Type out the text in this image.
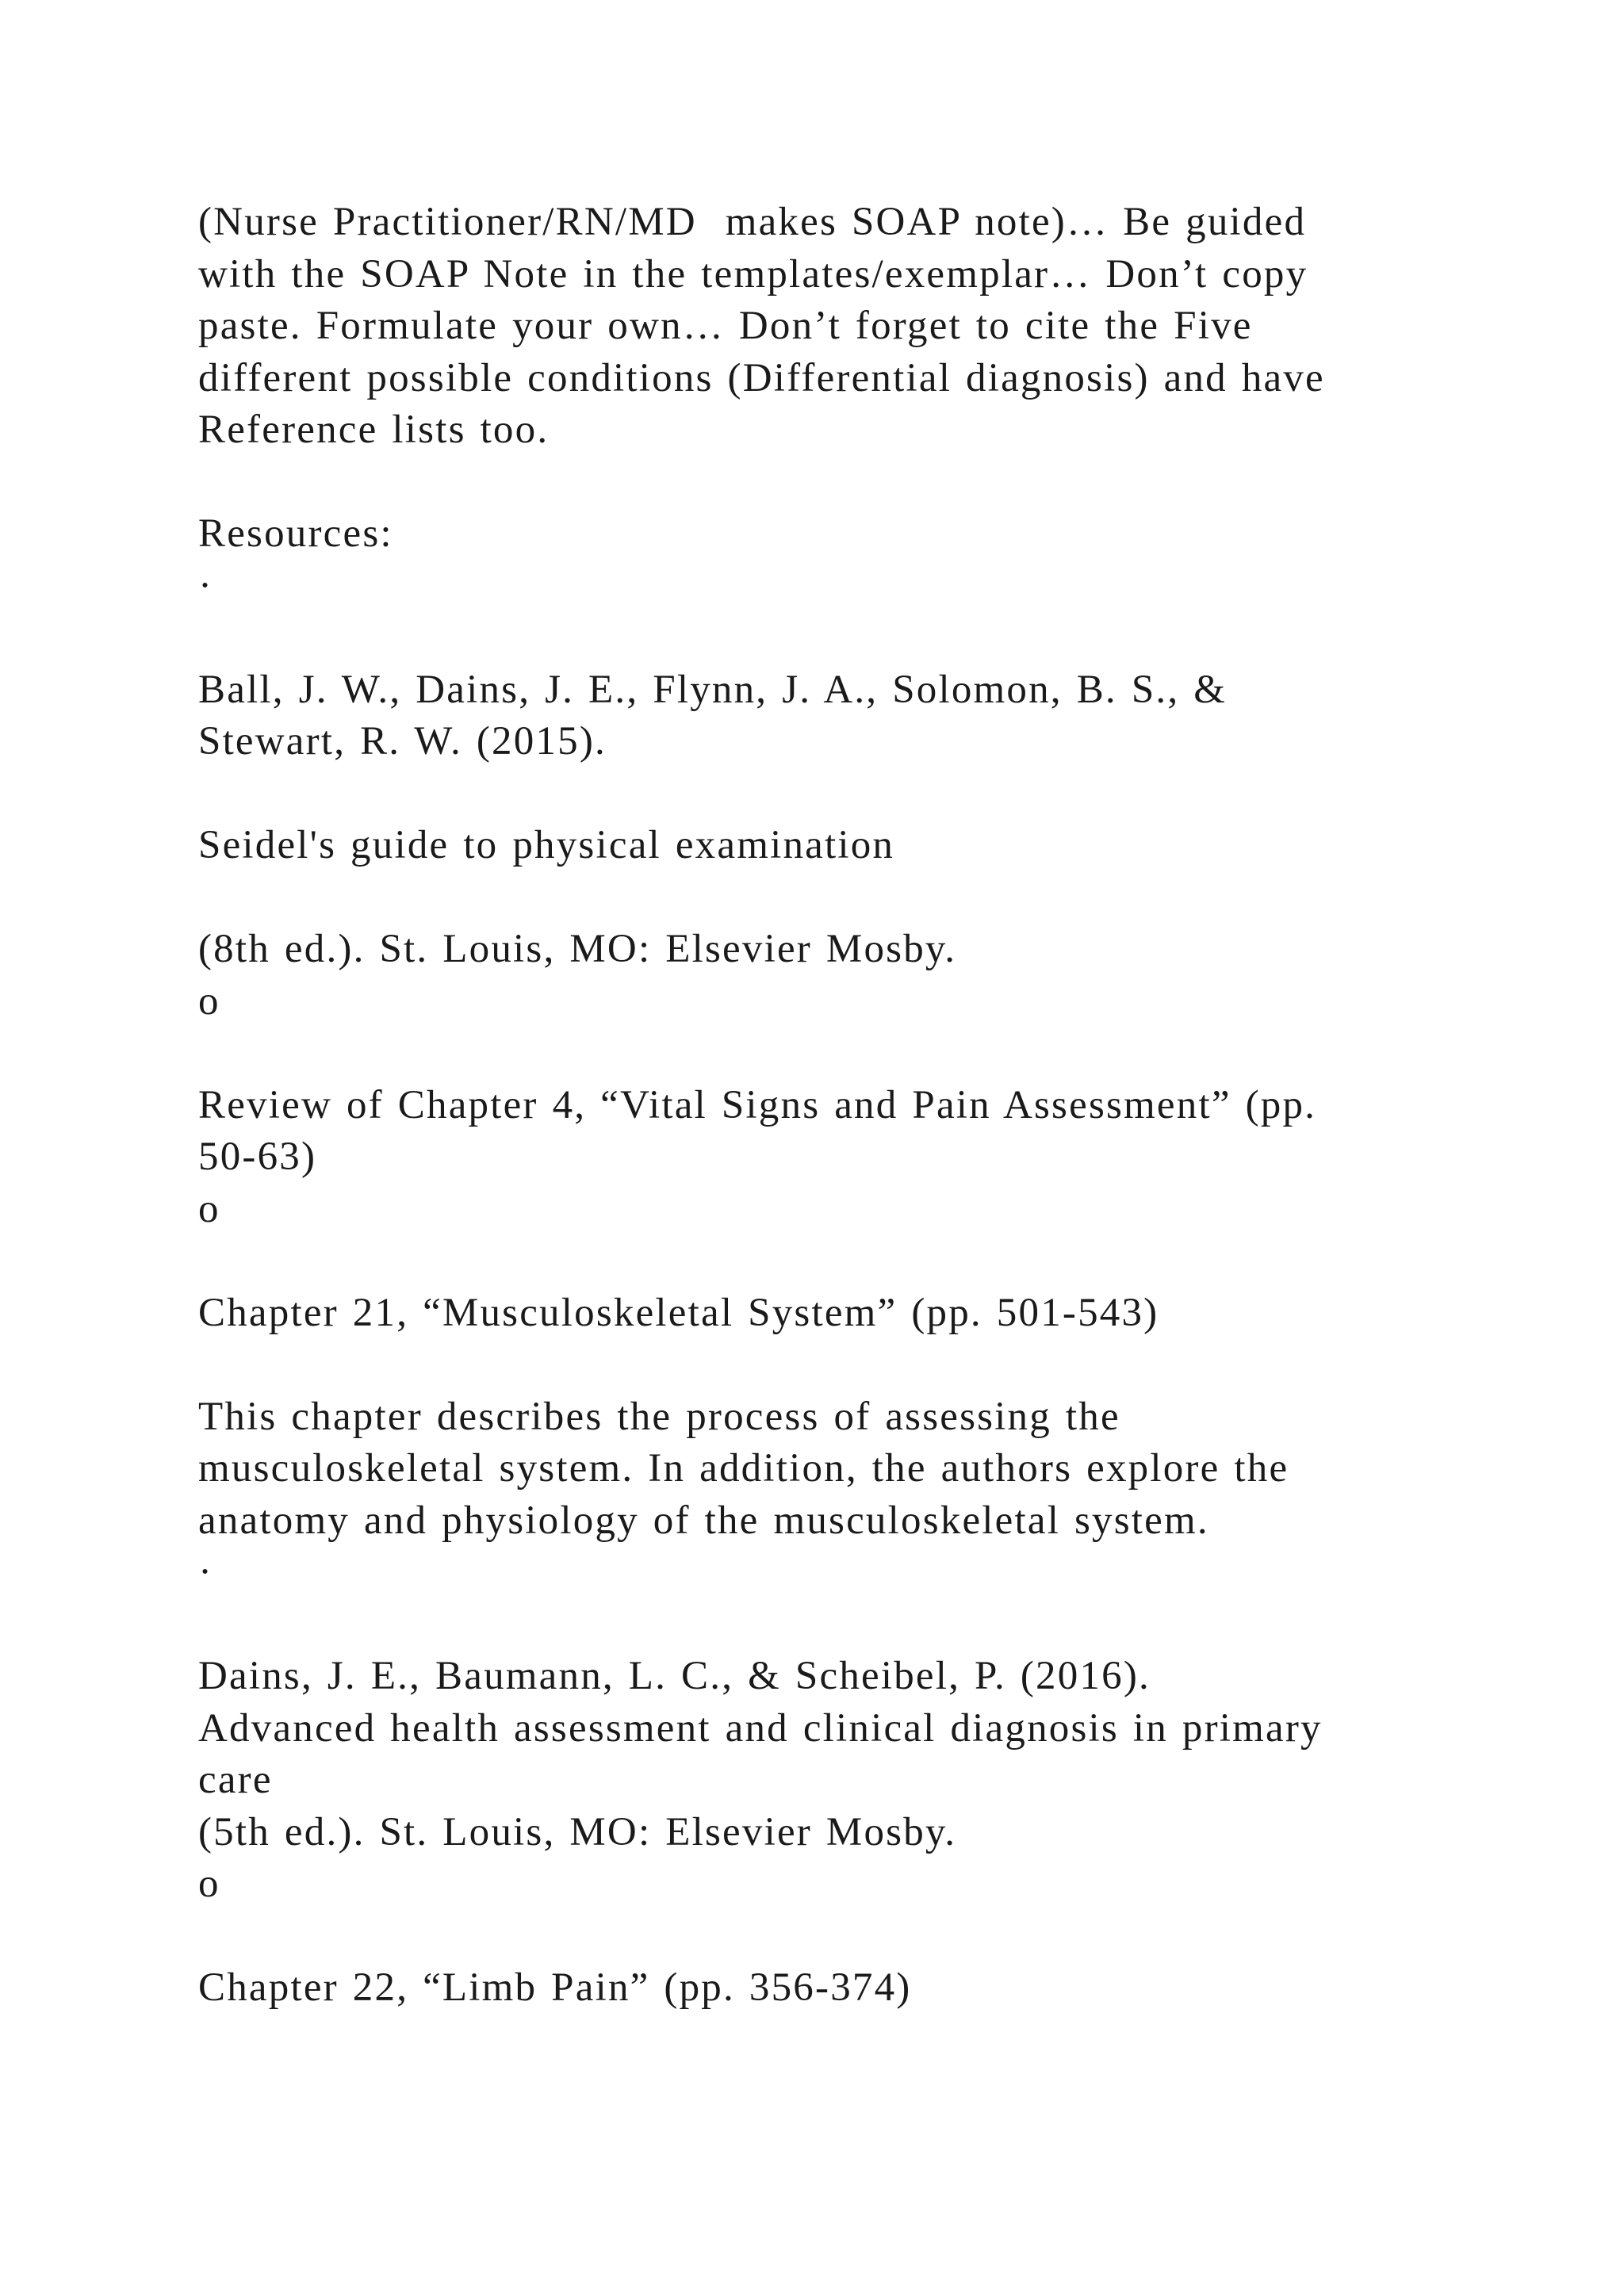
(Nurse Practitioner/RN/MD  makes SOAP note)… Be guided
with the SOAP Note in the templates/exemplar… Don’t copy
paste. Formulate your own… Don’t forget to cite the Five
different possible conditions (Differential diagnosis) and have
Reference lists too.
Resources:
·
Ball, J. W., Dains, J. E., Flynn, J. A., Solomon, B. S., &
Stewart, R. W. (2015).
Seidel's guide to physical examination
(8th ed.). St. Louis, MO: Elsevier Mosby.
o
Review of Chapter 4, “Vital Signs and Pain Assessment” (pp.
50-63)
o
Chapter 21, “Musculoskeletal System” (pp. 501-543)
This chapter describes the process of assessing the
musculoskeletal system. In addition, the authors explore the
anatomy and physiology of the musculoskeletal system.
·
Dains, J. E., Baumann, L. C., & Scheibel, P. (2016).
Advanced health assessment and clinical diagnosis in primary
care
(5th ed.). St. Louis, MO: Elsevier Mosby.
o
Chapter 22, “Limb Pain” (pp. 356-374)
